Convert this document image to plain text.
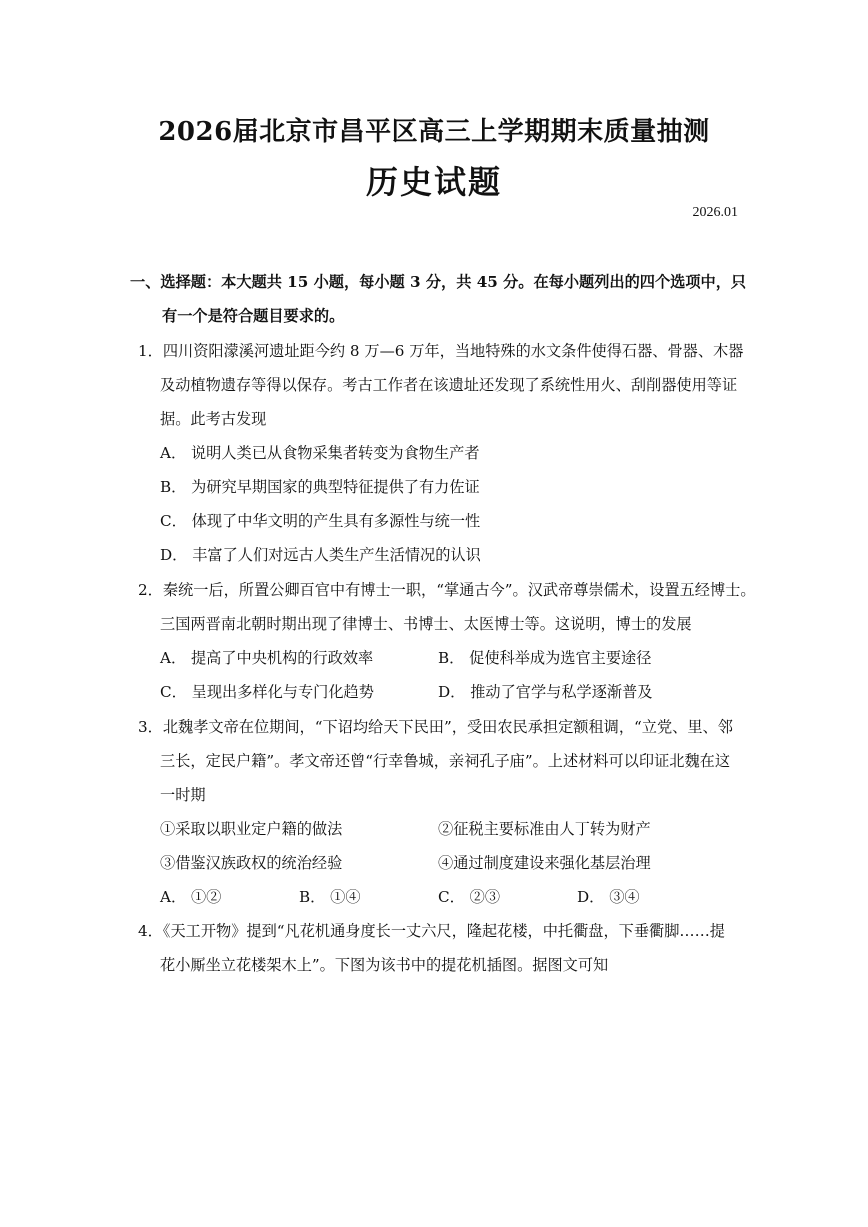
2026届北京市昌平区高三上学期期末质量抽测
历史试题
2026.01
一、选择题：本大题共 15 小题，每小题 3 分，共 45 分。在每小题列出的四个选项中，只
有一个是符合题目要求的。
1．四川资阳濛溪河遗址距今约 8 万—6 万年，当地特殊的水文条件使得石器、骨器、木器
及动植物遗存等得以保存。考古工作者在该遗址还发现了系统性用火、刮削器使用等证
据。此考古发现
A． 说明人类已从食物采集者转变为食物生产者
B． 为研究早期国家的典型特征提供了有力佐证
C． 体现了中华文明的产生具有多源性与统一性
D． 丰富了人们对远古人类生产生活情况的认识
2．秦统一后，所置公卿百官中有博士一职，“掌通古今”。汉武帝尊崇儒术，设置五经博士。
三国两晋南北朝时期出现了律博士、书博士、太医博士等。这说明，博士的发展
A． 提高了中央机构的行政效率	B． 促使科举成为选官主要途径
C． 呈现出多样化与专门化趋势	D． 推动了官学与私学逐渐普及
3．北魏孝文帝在位期间，“下诏均给天下民田”，受田农民承担定额租调，“立党、里、邻
三长，定民户籍”。孝文帝还曾“行幸鲁城，亲祠孔子庙”。上述材料可以印证北魏在这
一时期
①采取以职业定户籍的做法	②征税主要标准由人丁转为财产
③借鉴汉族政权的统治经验	④通过制度建设来强化基层治理
A． ①②	B． ①④	C． ②③	D． ③④
4．《天工开物》提到“凡花机通身度长一丈六尺，隆起花楼，中托衢盘，下垂衢脚……提
花小厮坐立花楼架木上”。下图为该书中的提花机插图。据图文可知
